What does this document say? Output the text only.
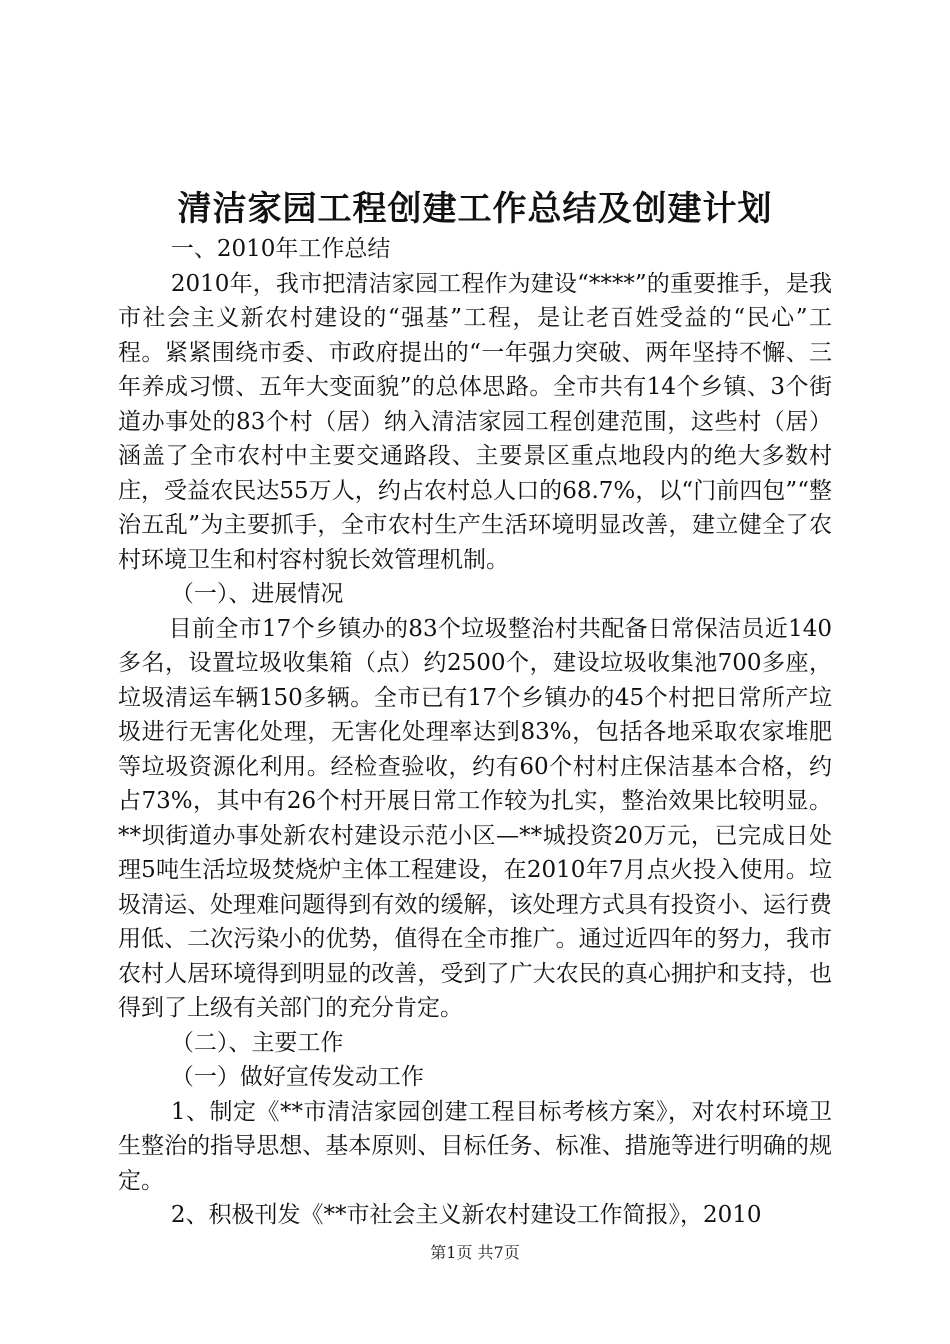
清洁家园工程创建工作总结及创建计划

一、2010年工作总结

2010年，我市把清洁家园工程作为建设“****”的重要推手，是我市社会主义新农村建设的“强基”工程，是让老百姓受益的“民心”工程。紧紧围绕市委、市政府提出的“一年强力突破、两年坚持不懈、三年养成习惯、五年大变面貌”的总体思路。全市共有14个乡镇、3个街道办事处的83个村（居）纳入清洁家园工程创建范围，这些村（居）涵盖了全市农村中主要交通路段、主要景区重点地段内的绝大多数村庄，受益农民达55万人，约占农村总人口的68.7%，以“门前四包”“整治五乱”为主要抓手，全市农村生产生活环境明显改善，建立健全了农村环境卫生和村容村貌长效管理机制。

（一）、进展情况

目前全市17个乡镇办的83个垃圾整治村共配备日常保洁员近140多名，设置垃圾收集箱（点）约2500个，建设垃圾收集池700多座，垃圾清运车辆150多辆。全市已有17个乡镇办的45个村把日常所产垃圾进行无害化处理，无害化处理率达到83%，包括各地采取农家堆肥等垃圾资源化利用。经检查验收，约有60个村村庄保洁基本合格，约占73%，其中有26个村开展日常工作较为扎实，整治效果比较明显。**坝街道办事处新农村建设示范小区—**城投资20万元，已完成日处理5吨生活垃圾焚烧炉主体工程建设，在2010年7月点火投入使用。垃圾清运、处理难问题得到有效的缓解，该处理方式具有投资小、运行费用低、二次污染小的优势，值得在全市推广。通过近四年的努力，我市农村人居环境得到明显的改善，受到了广大农民的真心拥护和支持，也得到了上级有关部门的充分肯定。

（二）、主要工作

（一）做好宣传发动工作

1、制定《**市清洁家园创建工程目标考核方案》，对农村环境卫生整治的指导思想、基本原则、目标任务、标准、措施等进行明确的规定。

2、积极刊发《**市社会主义新农村建设工作简报》，2010

第1页 共7页
